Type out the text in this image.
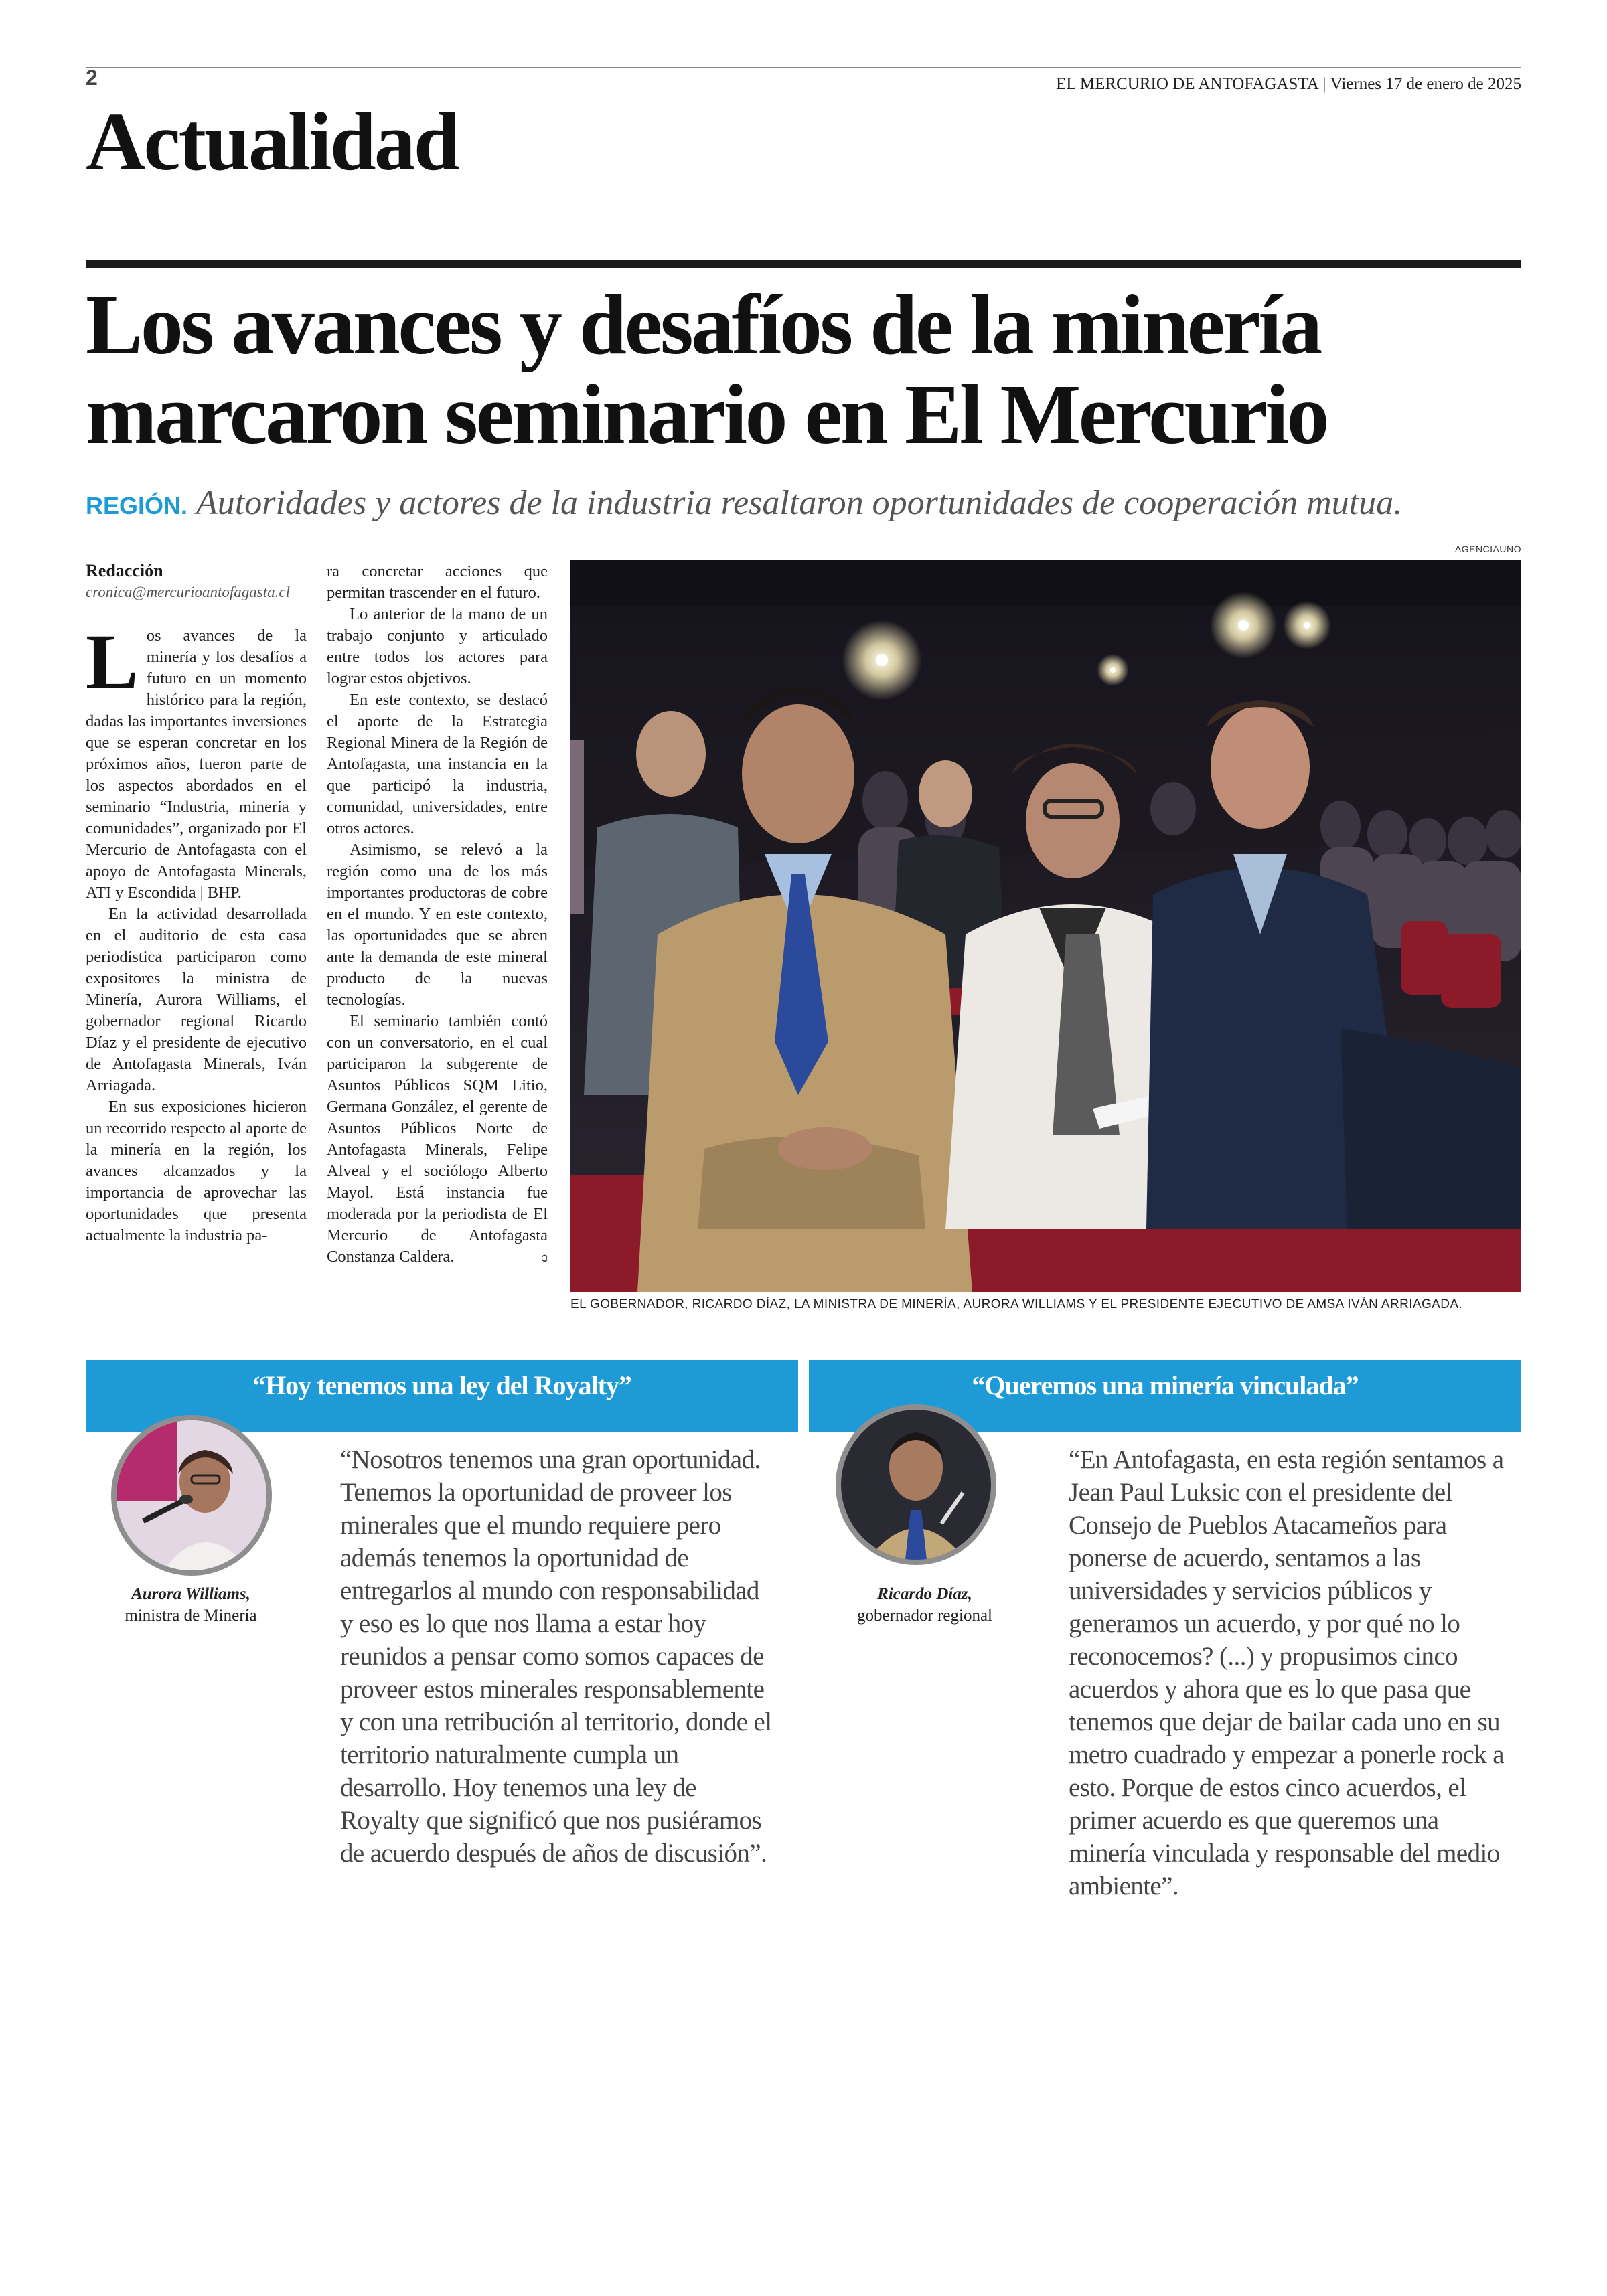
2	EL MERCURIO DE ANTOFAGASTA | Viernes 17 de enero de 2025
Actualidad
Los avances y desafíos de la minería
marcaron seminario en El Mercurio
REGIÓN. Autoridades y actores de la industria resaltaron oportunidades de cooperación mutua.
Redacción
cronica@mercurioantofagasta.cl

Los avances de la minería y los desafíos a futuro en un momento histórico para la región, dadas las importantes inversiones que se esperan concretar en los próximos años, fueron parte de los aspectos abordados en el seminario “Industria, minería y comunidades”, organizado por El Mercurio de Antofagasta con el apoyo de Antofagasta Minerals, ATI y Escondida | BHP.

En la actividad desarrollada en el auditorio de esta casa periodística participaron como expositores la ministra de Minería, Aurora Williams, el gobernador regional Ricardo Díaz y el presidente de ejecutivo de Antofagasta Minerals, Iván Arriagada.

En sus exposiciones hicieron un recorrido respecto al aporte de la minería en la región, los avances alcanzados y la importancia de aprovechar las oportunidades que presenta actualmente la industria pa-

ra concretar acciones que permitan trascender en el futuro.

Lo anterior de la mano de un trabajo conjunto y articulado entre todos los actores para lograr estos objetivos.

En este contexto, se destacó el aporte de la Estrategia Regional Minera de la Región de Antofagasta, una instancia en la que participó la industria, comunidad, universidades, entre otros actores.

Asimismo, se relevó a la región como una de los más importantes productoras de cobre en el mundo. Y en este contexto, las oportunidades que se abren ante la demanda de este mineral producto de la nuevas tecnologías.

El seminario también contó con un conversatorio, en el cual participaron la subgerente de Asuntos Públicos SQM Litio, Germana González, el gerente de Asuntos Públicos Norte de Antofagasta Minerals, Felipe Alveal y el sociólogo Alberto Mayol. Está instancia fue moderada por la periodista de El Mercurio de Antofagasta Constanza Caldera.	ɞ

AGENCIAUNO
EL GOBERNADOR, RICARDO DÍAZ, LA MINISTRA DE MINERÍA, AURORA WILLIAMS Y EL PRESIDENTE EJECUTIVO DE AMSA IVÁN ARRIAGADA.
“Hoy tenemos una ley del Royalty”
Aurora Williams,
ministra de Minería
“Nosotros tenemos una gran oportunidad. Tenemos la oportunidad de proveer los minerales que el mundo requiere pero además tenemos la oportunidad de entregarlos al mundo con responsabilidad y eso es lo que nos llama a estar hoy reunidos a pensar como somos capaces de proveer estos minerales responsablemente y con una retribución al territorio, donde el territorio naturalmente cumpla un desarrollo. Hoy tenemos una ley de Royalty que significó que nos pusiéramos de acuerdo después de años de discusión”.
“Queremos una minería vinculada”
Ricardo Díaz,
gobernador regional
“En Antofagasta, en esta región sentamos a Jean Paul Luksic con el presidente del Consejo de Pueblos Atacameños para ponerse de acuerdo, sentamos a las universidades y servicios públicos y generamos un acuerdo, y por qué no lo reconocemos? (...) y propusimos cinco acuerdos y ahora que es lo que pasa que tenemos que dejar de bailar cada uno en su metro cuadrado y empezar a ponerle rock a esto. Porque de estos cinco acuerdos, el primer acuerdo es que queremos una minería vinculada y responsable del medio ambiente”.
